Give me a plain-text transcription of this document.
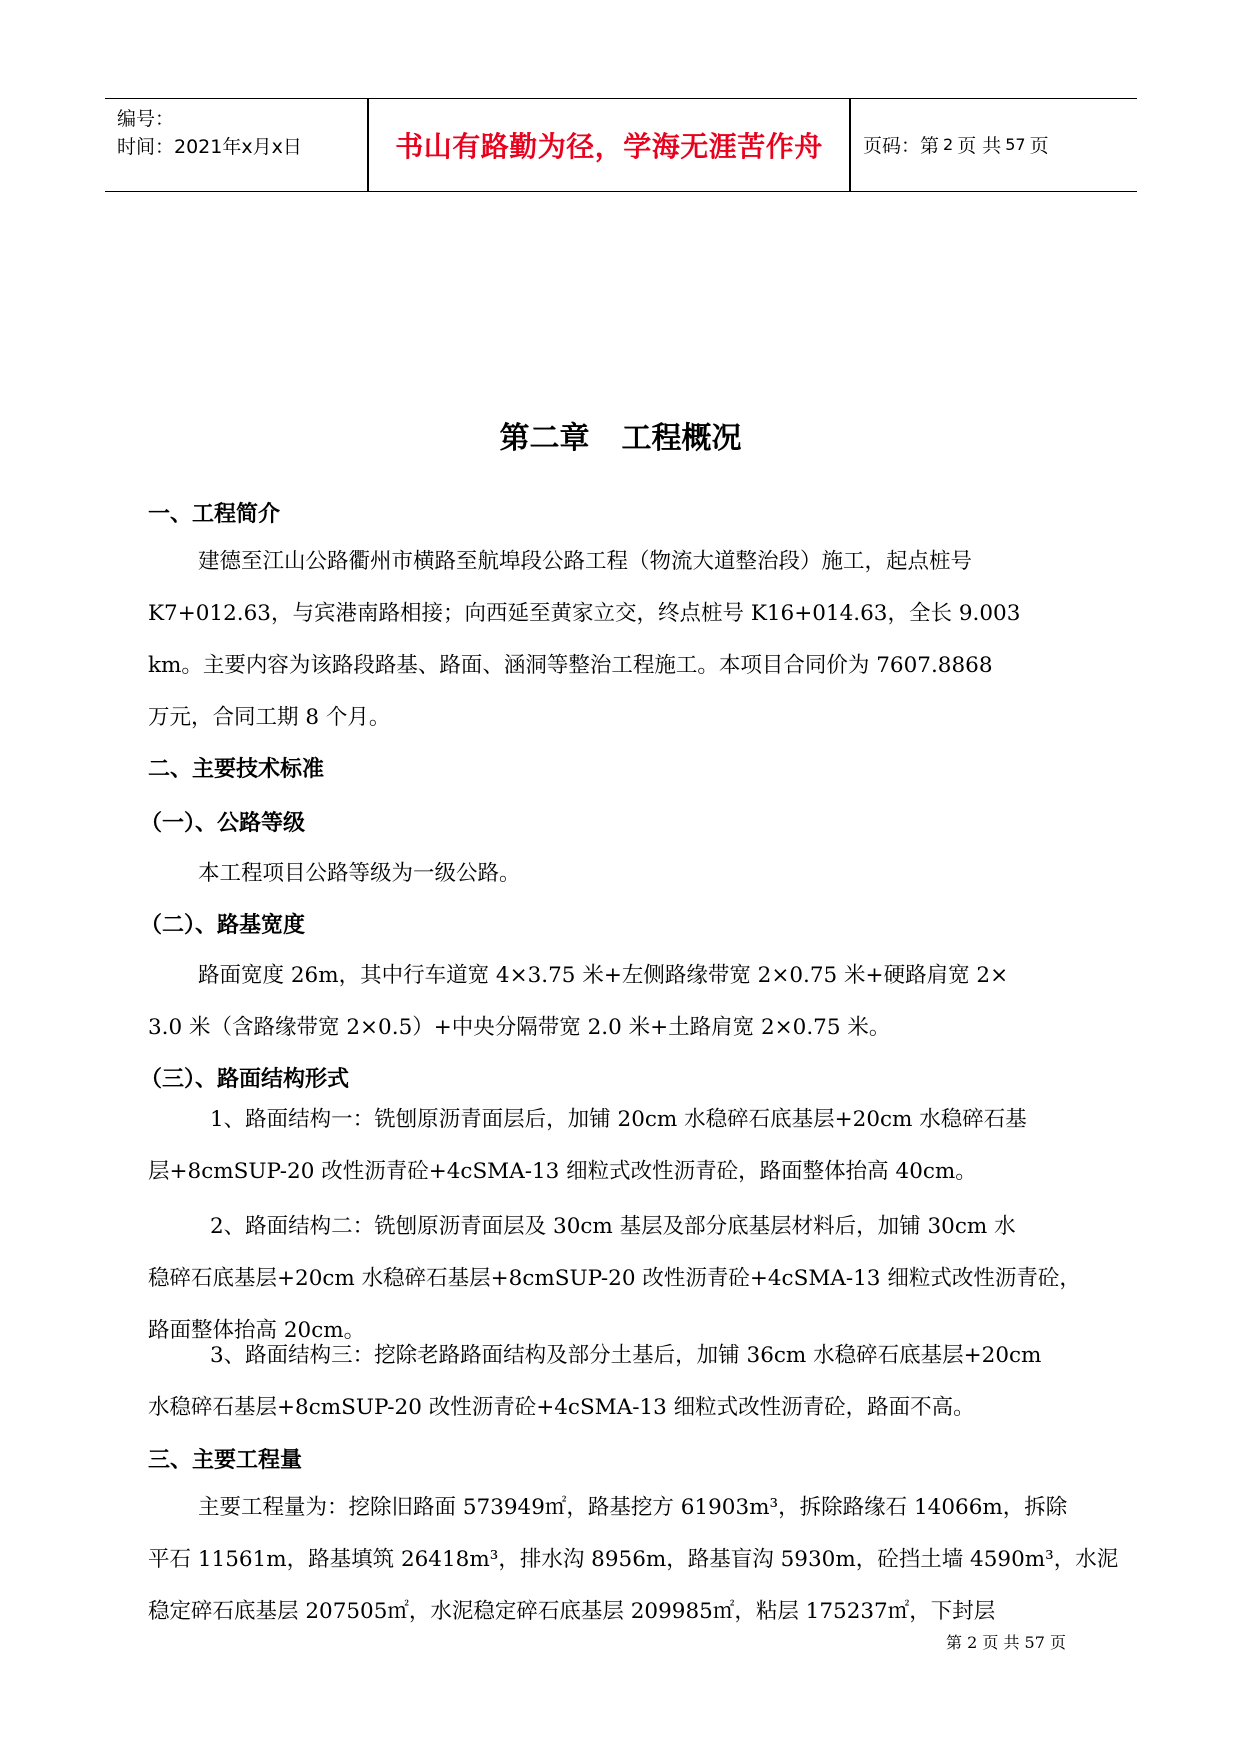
编号：
时间：2021年x月x日	书山有路勤为径，学海无涯苦作舟	页码：第 2 页 共 57 页
第二章 工程概况
一、工程简介
建德至江山公路衢州市横路至航埠段公路工程（物流大道整治段）施工，起点桩号
K7+012.63，与宾港南路相接；向西延至黄家立交，终点桩号 K16+014.63，全长 9.003
km。主要内容为该路段路基、路面、涵洞等整治工程施工。本项目合同价为 7607.8868
万元，合同工期 8 个月。
二、主要技术标准
（一）、公路等级
本工程项目公路等级为一级公路。
（二）、路基宽度
路面宽度 26m，其中行车道宽 4×3.75 米+左侧路缘带宽 2×0.75 米+硬路肩宽 2×
3.0 米（含路缘带宽 2×0.5）+中央分隔带宽 2.0 米+土路肩宽 2×0.75 米。
（三）、路面结构形式
1、路面结构一：铣刨原沥青面层后，加铺 20cm 水稳碎石底基层+20cm 水稳碎石基
层+8cmSUP-20 改性沥青砼+4cSMA-13 细粒式改性沥青砼，路面整体抬高 40cm。
2、路面结构二：铣刨原沥青面层及 30cm 基层及部分底基层材料后，加铺 30cm 水
稳碎石底基层+20cm 水稳碎石基层+8cmSUP-20 改性沥青砼+4cSMA-13 细粒式改性沥青砼，
路面整体抬高 20cm。
3、路面结构三：挖除老路路面结构及部分土基后，加铺 36cm 水稳碎石底基层+20cm
水稳碎石基层+8cmSUP-20 改性沥青砼+4cSMA-13 细粒式改性沥青砼，路面不高。
三、主要工程量
主要工程量为：挖除旧路面 573949㎡，路基挖方 61903m³，拆除路缘石 14066m，拆除
平石 11561m，路基填筑 26418m³，排水沟 8956m，路基盲沟 5930m，砼挡土墙 4590m³，水泥
稳定碎石底基层 207505㎡，水泥稳定碎石底基层 209985㎡，粘层 175237㎡，下封层
第 2 页 共 57 页
